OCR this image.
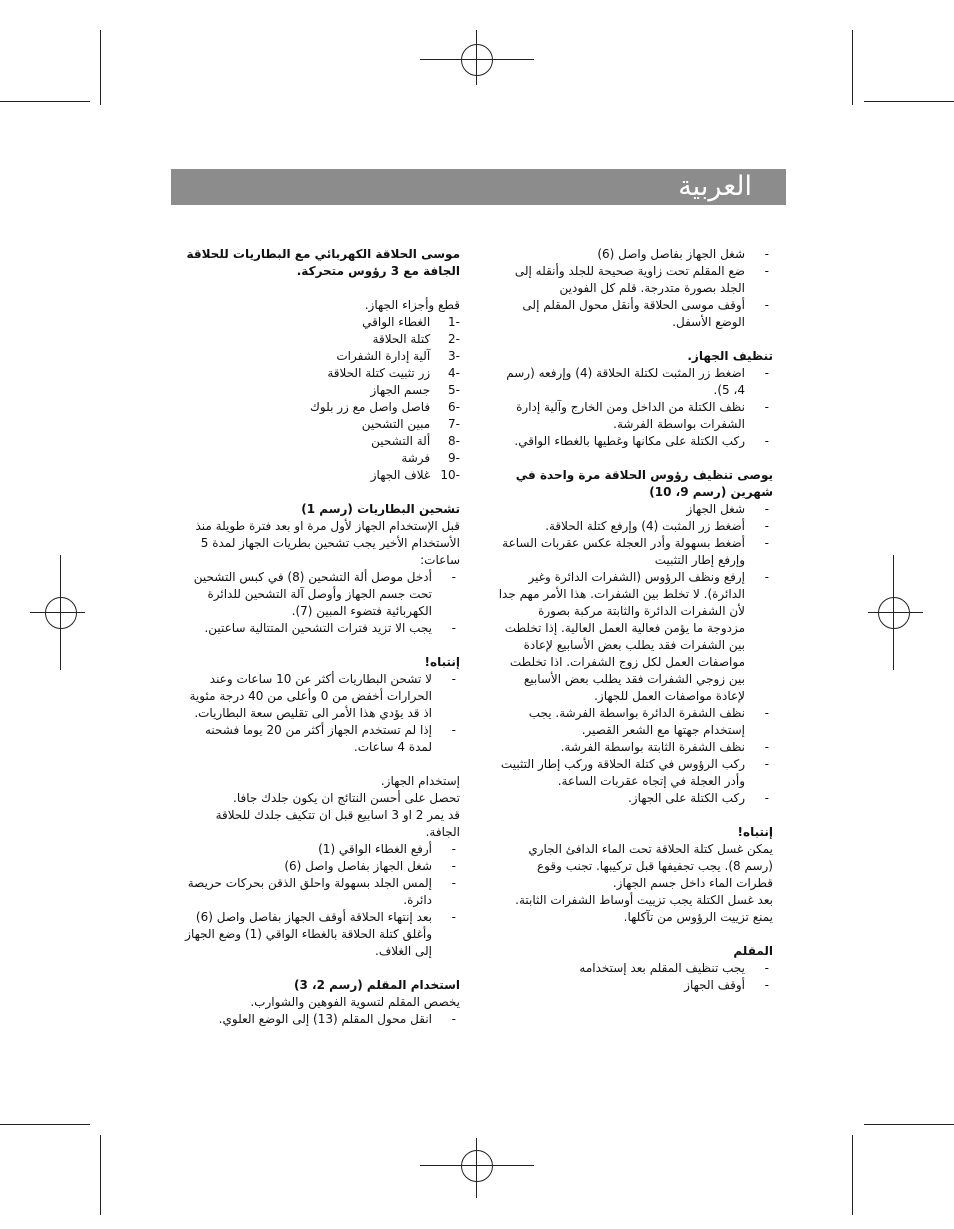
العربية
- شغل الجهاز بفاصل واصل (6)
- ضع المقلم تحت زاوية صحيحة للجلد وأنقله إلى الجلد بصورة متدرجة. قلم كل الفودين
- أوقف موسى الحلاقة وأنقل محول المقلم إلى الوضع الأسفل.

تنظيف الجهاز.

- اضغط زر المثبت لكتلة الحلاقة (4) وإرفعه (رسم 4، 5).
- نظف الكتلة من الداخل ومن الخارج وآلية إدارة الشفرات بواسطة الفرشة.
- ركب الكتلة على مكانها وغطيها بالغطاء الواقي.

يوصى تنظيف رؤوس الحلاقة مرة واحدة في شهرين (رسم 9، 10)

- شغل الجهاز
- أضغط زر المثبت (4) وإرفع كتلة الحلاقة.
- أضغط بسهولة وأدر العجلة عكس عقربات الساعة وإرفع إطار التثبيت
- إرفع ونظف الرؤوس (الشفرات الدائرة وغير الدائرة). لا تخلط بين الشفرات. هذا الأمر مهم جدا لأن الشفرات الدائرة والثابتة مركبة بصورة مزدوجة ما يؤمن فعالية العمل العالية. إذا تخلطت بين الشفرات فقد يطلب بعض الأسابيع لإعادة مواصفات العمل لكل زوج الشفرات. اذا تخلطت بين زوجي الشفرات فقد يطلب بعض الأسابيع لإعادة مواصفات العمل للجهاز.
- نظف الشفرة الدائرة بواسطة الفرشة. يجب إستخدام جهتها مع الشعر القصير.
- نظف الشفرة الثابتة بواسطة الفرشة.
- ركب الرؤوس في كتلة الحلاقة وركب إطار التثبيت وأدر العجلة في إتجاه عقربات الساعة.
- ركب الكتلة على الجهاز.

إنتباه!

يمكن غسل كتلة الحلاقة تحت الماء الدافئ الجاري (رسم 8). يجب تجفيفها قبل تركيبها. تجنب وقوع قطرات الماء داخل جسم الجهاز.

بعد غسل الكتلة يجب تزييت أوساط الشفرات الثابتة. يمنع تزييت الرؤوس من تآكلها.

المقلم

- يجب تنظيف المقلم بعد إستخدامه
- أوقف الجهاز

موسى الحلاقة الكهربائي مع البطاريات للحلاقة الجافة مع 3 رؤوس متحركة.

قطع وأجزاء الجهاز.

-1 الغطاء الواقي
-2 كتلة الحلاقة
-3 آلية إدارة الشفرات
-4 زر تثبيت كتلة الحلاقة
-5 جسم الجهاز
-6 فاصل واصل مع زر بلوك
-7 مبين التشحين
-8 ألة التشحين
-9 فرشة
-10 غلاف الجهاز

تشحين البطاريات (رسم 1)

قبل الإستخدام الجهاز لأول مرة او بعد فترة طويلة منذ الأستخدام الأخير يجب تشحين بطريات الجهاز لمدة 5 ساعات:

- أدخل موصل ألة التشحين (8) في كبس التشحين تحت جسم الجهاز وأوصل آلة التشحين للدائرة الكهربائية فتضوء المبين (7).
- يجب الا تزيد فترات التشحين المتتالية ساعتين.

إنتباه!

- لا تشحن البطاريات أكثر عن 10 ساعات وعند الحرارات أخفض من 0 وأعلى من 40 درجة مئوية اذ قد يؤدي هذا الأمر الى تقليص سعة البطاريات.
- إذا لم تستخدم الجهاز أكثر من 20 يوما فشحنه لمدة 4 ساعات.

إستخدام الجهاز.

تحصل على أحسن النتائج ان يكون جلدك جافا.

قد يمر 2 او 3 اسابيع قبل ان تتكيف جلدك للحلاقة الجافة.

- أرفع الغطاء الواقي (1)
- شغل الجهاز بفاصل واصل (6)
- إلمس الجلد بسهولة واحلق الذقن بحركات حريصة دائرة.
- بعد إنتهاء الحلاقة أوقف الجهاز بفاصل واصل (6) وأغلق كتلة الحلاقة بالغطاء الواقي (1) وضع الجهاز إلى الغلاف.

استخدام المقلم (رسم 2، 3)

يخصص المقلم لتسوية الفوهين والشوارب.

- انقل محول المقلم (13) إلى الوضع العلوي.
